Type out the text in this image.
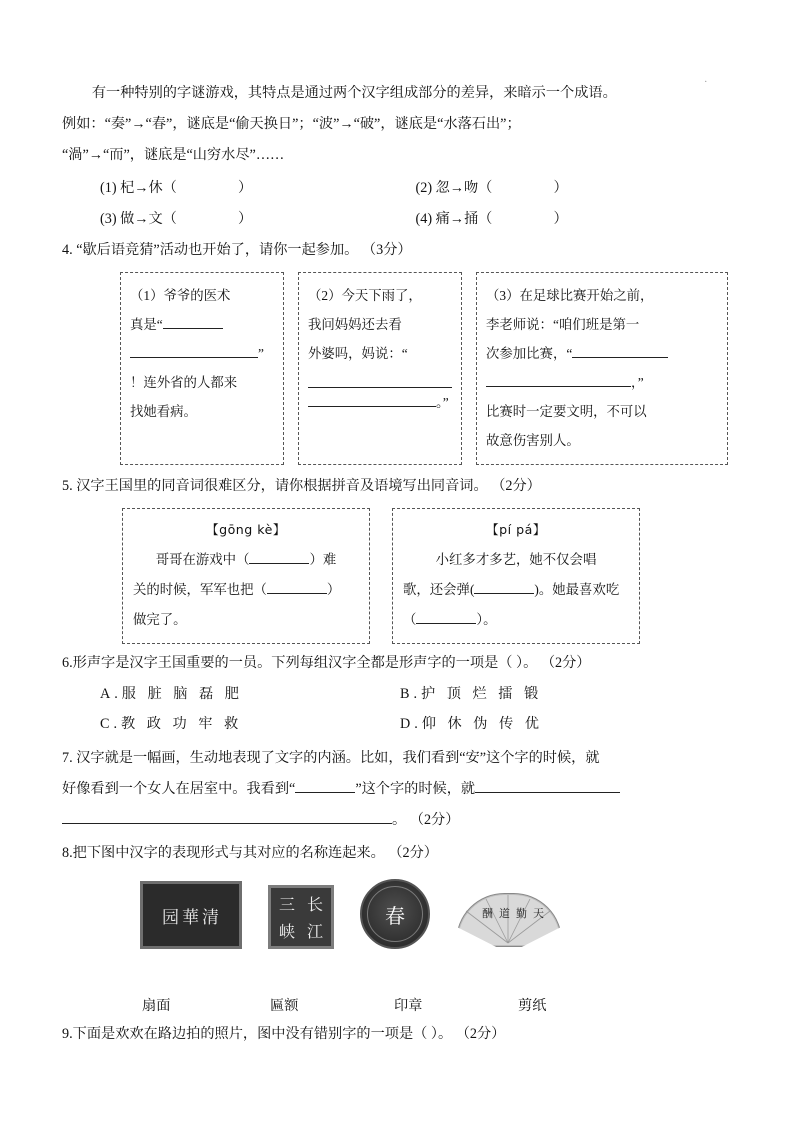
.

有一种特别的字谜游戏，其特点是通过两个汉字组成部分的差异，来暗示一个成语。

例如：“奏”→“春”，谜底是“偷天换日”；“波”→“破”，谜底是“水落石出”；

“渦”→“而”，谜底是“山穷水尽”……

(1) 杞→休（	）	(2) 忽→吻（	）
(3) 做→文（	）	(4) 痛→捅（	）

4. “歇后语竞猜”活动也开始了，请你一起参加。 （3分）

（1）爷爷的医术
真是“
”
！连外省的人都来
找她看病。
（2）今天下雨了，
我问妈妈还去看
外婆吗，妈说：“
。”
（3）在足球比赛开始之前，
李老师说：“咱们班是第一
次参加比赛，“
，”
比赛时一定要文明，不可以
故意伤害别人。

5. 汉字王国里的同音词很难区分，请你根据拼音及语境写出同音词。 （2分）

【gōng kè】
哥哥在游戏中（	）难
关的时候，军军也把（	）
做完了。
【pí pá】
小红多才多艺，她不仅会唱
歌，还会弹(	)。她最喜欢吃
（	）。

6.形声字是汉字王国重要的一员。下列每组汉字全都是形声字的一项是（ ）。 （2分）

A.服 脏 脑 磊 肥	B.护 顶 烂 擂 锻
C.教 政 功 牢 救	D.仰 休 伪 传 优

7. 汉字就是一幅画，生动地表现了文字的内涵。比如，我们看到“安”这个字的时候，就

好像看到一个女人在居室中。我看到“	”这个字的时候，就

。 （2分）

8.把下图中汉字的表现形式与其对应的名称连起来。 （2分）

园 華 清
三 长
峡 江
春	酬 道 勤 天
扇面	匾额	印章	剪纸

9.下面是欢欢在路边拍的照片，图中没有错别字的一项是（ ）。 （2分）
